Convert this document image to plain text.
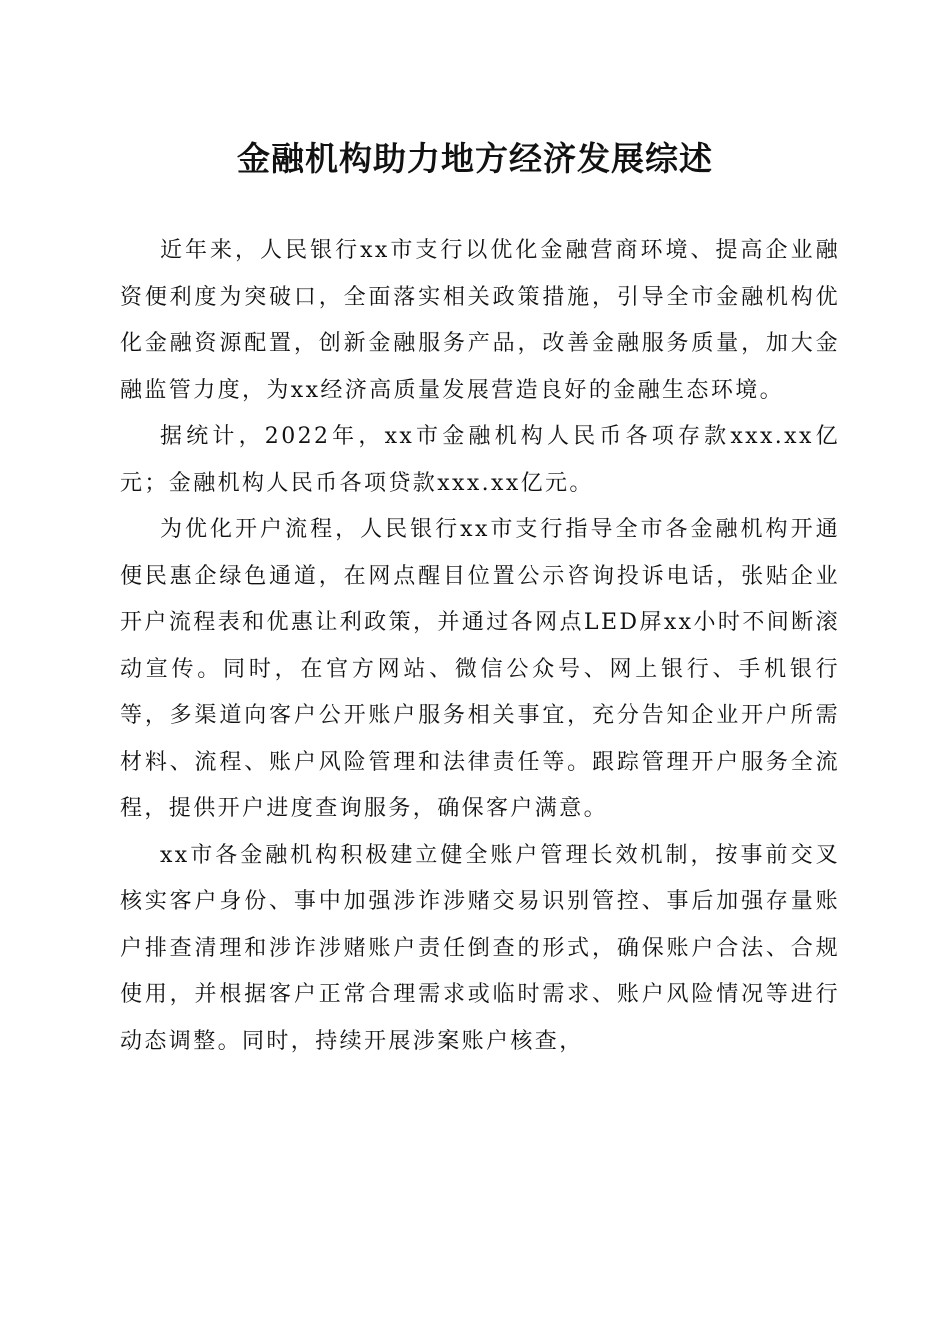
金融机构助力地方经济发展综述

近年来，人民银行xx市支行以优化金融营商环境、提高企业融资便利度为突破口，全面落实相关政策措施，引导全市金融机构优化金融资源配置，创新金融服务产品，改善金融服务质量，加大金融监管力度，为xx经济高质量发展营造良好的金融生态环境。

据统计，2022年，xx市金融机构人民币各项存款xxx.xx亿元；金融机构人民币各项贷款xxx.xx亿元。

为优化开户流程，人民银行xx市支行指导全市各金融机构开通便民惠企绿色通道，在网点醒目位置公示咨询投诉电话，张贴企业开户流程表和优惠让利政策，并通过各网点LED屏xx小时不间断滚动宣传。同时，在官方网站、微信公众号、网上银行、手机银行等，多渠道向客户公开账户服务相关事宜，充分告知企业开户所需材料、流程、账户风险管理和法律责任等。跟踪管理开户服务全流程，提供开户进度查询服务，确保客户满意。

xx市各金融机构积极建立健全账户管理长效机制，按事前交叉核实客户身份、事中加强涉诈涉赌交易识别管控、事后加强存量账户排查清理和涉诈涉赌账户责任倒查的形式，确保账户合法、合规使用，并根据客户正常合理需求或临时需求、账户风险情况等进行动态调整。同时，持续开展涉案账户核查，
